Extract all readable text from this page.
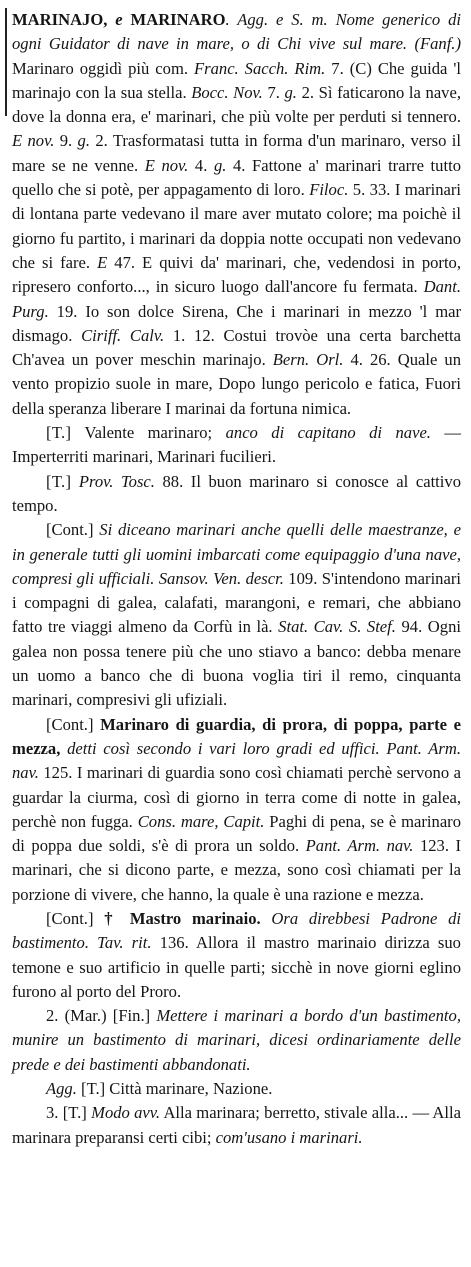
MARINAJO, e MARINARO. Agg. e S. m. Nome generico di ogni Guidator di nave in mare, o di Chi vive sul mare. (Fanf.) Marinaro oggidì più com. Franc. Sacch. Rim. 7. (C) Che guida 'l marinajo con la sua stella. Bocc. Nov. 7. g. 2. Sì faticarono la nave, dove la donna era, e' marinari, che più volte per perduti si tennero. E nov. 9. g. 2. Trasformatasi tutta in forma d'un marinaro, verso il mare se ne venne. E nov. 4. g. 4. Fattone a' marinari trarre tutto quello che si potè, per appagamento di loro. Filoc. 5. 33. I marinari di lontana parte vedevano il mare aver mutato colore; ma poichè il giorno fu partito, i marinari da doppia notte occupati non vedevano che si fare. E 47. E quivi da' marinari, che, vedendosi in porto, ripresero conforto..., in sicuro luogo dall'ancore fu fermata. Dant. Purg. 19. Io son dolce Sirena, Che i marinari in mezzo 'l mar dismago. Ciriff. Calv. 1. 12. Costui trovòe una certa barchetta Ch'avea un pover meschin marinajo. Bern. Orl. 4. 26. Quale un vento propizio suole in mare, Dopo lungo pericolo e fatica, Fuori della speranza liberare I marinai da fortuna nimica.

[T.] Valente marinaro; anco di capitano di nave. — Imperterriti marinari, Marinari fucilieri.

[T.] Prov. Tosc. 88. Il buon marinaro si conosce al cattivo tempo.

[Cont.] Si diceano marinari anche quelli delle maestranze, e in generale tutti gli uomini imbarcati come equipaggio d'una nave, compresi gli ufficiali. Sansov. Ven. descr. 109. S'intendono marinari i compagni di galea, calafati, marangoni, e remari, che abbiano fatto tre viaggi almeno da Corfù in là. Stat. Cav. S. Stef. 94. Ogni galea non possa tenere più che uno stiavo a banco: debba menare un uomo a banco che di buona voglia tiri il remo, cinquanta marinari, compresivi gli ufiziali.

[Cont.] Marinaro di guardia, di prora, di poppa, parte e mezza, detti così secondo i vari loro gradi ed uffici. Pant. Arm. nav. 125. I marinari di guardia sono così chiamati perchè servono a guardar la ciurma, così di giorno in terra come di notte in galea, perchè non fugga. Cons. mare, Capit. Paghi di pena, se è marinaro di poppa due soldi, s'è di prora un soldo. Pant. Arm. nav. 123. I marinari, che si dicono parte, e mezza, sono così chiamati per la porzione di vivere, che hanno, la quale è una razione e mezza.

[Cont.] † Mastro marinaio. Ora direbbesi Padrone di bastimento. Tav. rit. 136. Allora il mastro marinaio dirizza suo temone e suo artificio in quelle parti; sicchè in nove giorni eglino furono al porto del Proro.

2. (Mar.) [Fin.] Mettere i marinari a bordo d'un bastimento, munire un bastimento di marinari, dicesi ordinariamente delle prede e dei bastimenti abbandonati.

Agg. [T.] Città marinare, Nazione.

3. [T.] Modo avv. Alla marinara; berretto, stivale alla... — Alla marinara preparansi certi cibi; com'usano i marinari.
